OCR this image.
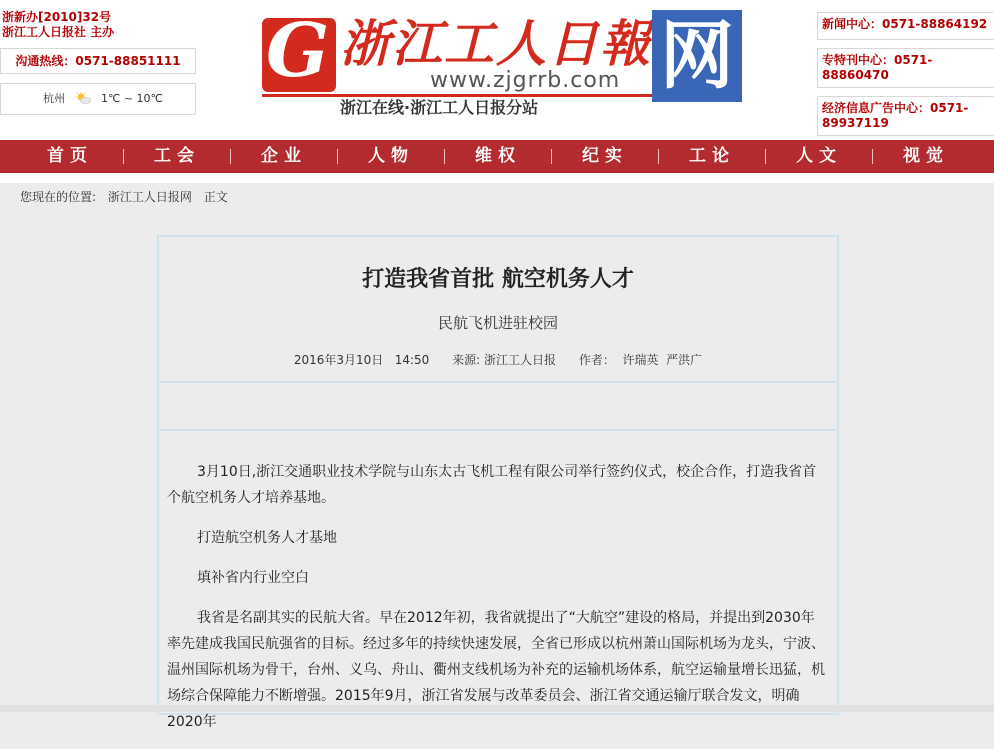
浙新办[2010]32号
浙江工人日报社 主办
沟通热线：0571-88851111
杭州	1℃ ~ 10℃
G 浙江工人日報
www.zjgrrb.com
浙江在线·浙江工人日报分站
网	新闻中心：0571-88864192
专特刊中心：0571-88860470
经济信息广告中心：0571-89937119
首页	工会	企业	人物	维权	纪实	工论	人文	视觉
您现在的位置: 浙江工人日报网 正文
打造我省首批 航空机务人才
民航飞机进驻校园
2016年3月10日   14:50      来源: 浙江工人日报      作者：  许瑞英  严洪广

3月10日,浙江交通职业技术学院与山东太古飞机工程有限公司举行签约仪式，校企合作，打造我省首个航空机务人才培养基地。

打造航空机务人才基地

填补省内行业空白

我省是名副其实的民航大省。早在2012年初，我省就提出了“大航空”建设的格局，并提出到2030年率先建成我国民航强省的目标。经过多年的持续快速发展，全省已形成以杭州萧山国际机场为龙头，宁波、温州国际机场为骨干，台州、义乌、舟山、衢州支线机场为补充的运输机场体系，航空运输量增长迅猛，机场综合保障能力不断增强。2015年9月，浙江省发展与改革委员会、浙江省交通运输厅联合发文，明确2020年
